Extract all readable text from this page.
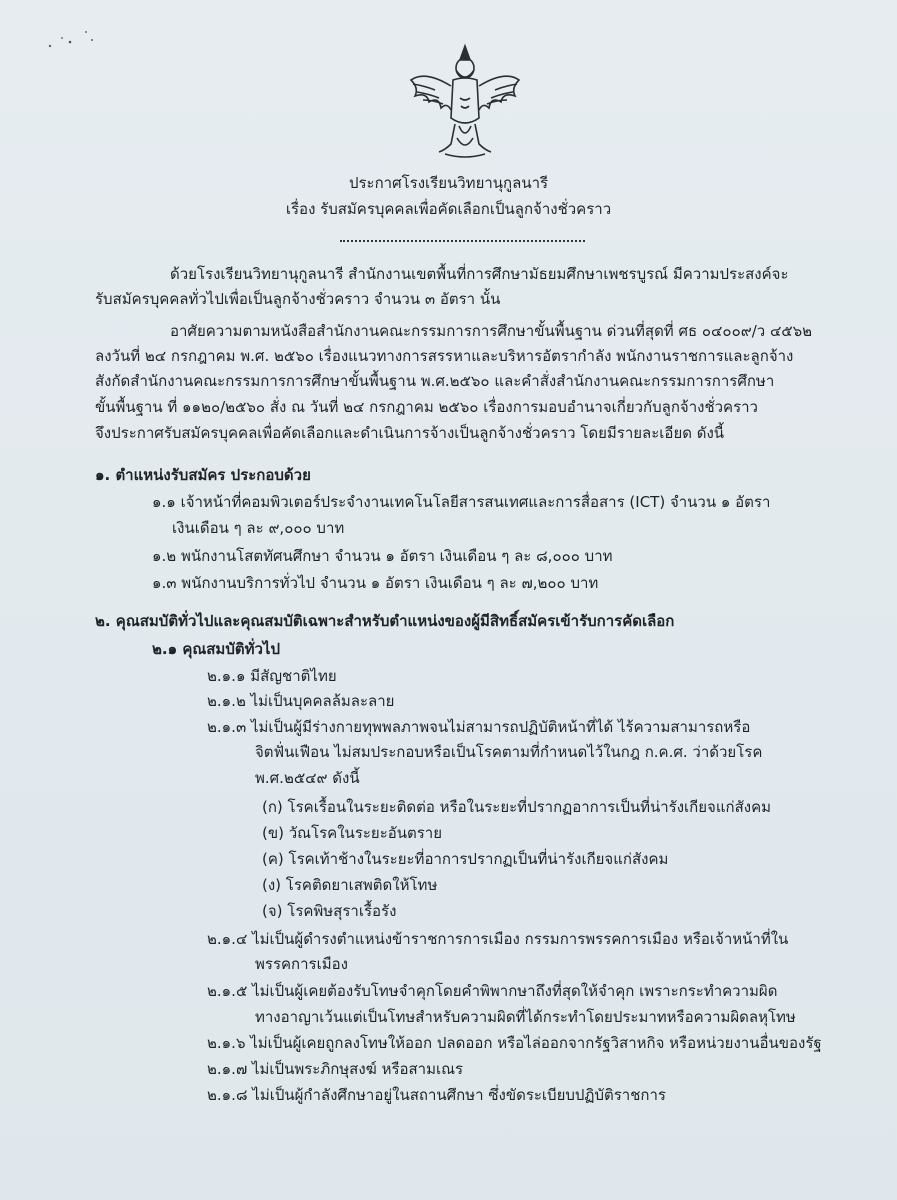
ประกาศโรงเรียนวิทยานุกูลนารี
เรื่อง รับสมัครบุคคลเพื่อคัดเลือกเป็นลูกจ้างชั่วคราว
ด้วยโรงเรียนวิทยานุกูลนารี สำนักงานเขตพื้นที่การศึกษามัธยมศึกษาเพชรบูรณ์ มีความประสงค์จะ
รับสมัครบุคคลทั่วไปเพื่อเป็นลูกจ้างชั่วคราว จำนวน ๓ อัตรา นั้น
อาศัยความตามหนังสือสำนักงานคณะกรรมการการศึกษาขั้นพื้นฐาน ด่วนที่สุดที่ ศธ ๐๔๐๐๙/ว ๔๕๖๒
ลงวันที่ ๒๔ กรกฎาคม พ.ศ. ๒๕๖๐ เรื่องแนวทางการสรรหาและบริหารอัตรากำลัง พนักงานราชการและลูกจ้าง
สังกัดสำนักงานคณะกรรมการการศึกษาขั้นพื้นฐาน พ.ศ.๒๕๖๐ และคำสั่งสำนักงานคณะกรรมการการศึกษา
ขั้นพื้นฐาน ที่ ๑๑๒๐/๒๕๖๐ สั่ง ณ วันที่ ๒๔ กรกฎาคม ๒๕๖๐ เรื่องการมอบอำนาจเกี่ยวกับลูกจ้างชั่วคราว
จึงประกาศรับสมัครบุคคลเพื่อคัดเลือกและดำเนินการจ้างเป็นลูกจ้างชั่วคราว โดยมีรายละเอียด ดังนี้
๑. ตำแหน่งรับสมัคร ประกอบด้วย
๑.๑ เจ้าหน้าที่คอมพิวเตอร์ประจำงานเทคโนโลยีสารสนเทศและการสื่อสาร (ICT) จำนวน ๑ อัตรา
เงินเดือน ๆ ละ ๙,๐๐๐ บาท
๑.๒ พนักงานโสตทัศนศึกษา จำนวน ๑ อัตรา เงินเดือน ๆ ละ ๘,๐๐๐ บาท
๑.๓ พนักงานบริการทั่วไป จำนวน ๑ อัตรา เงินเดือน ๆ ละ ๗,๒๐๐ บาท
๒. คุณสมบัติทั่วไปและคุณสมบัติเฉพาะสำหรับตำแหน่งของผู้มีสิทธิ์สมัครเข้ารับการคัดเลือก
๒.๑ คุณสมบัติทั่วไป
๒.๑.๑ มีสัญชาติไทย
๒.๑.๒ ไม่เป็นบุคคลล้มละลาย
๒.๑.๓ ไม่เป็นผู้มีร่างกายทุพพลภาพจนไม่สามารถปฏิบัติหน้าที่ได้ ไร้ความสามารถหรือ
จิตฟั่นเฟือน ไม่สมประกอบหรือเป็นโรคตามที่กำหนดไว้ในกฎ ก.ค.ศ. ว่าด้วยโรค
พ.ศ.๒๕๔๙ ดังนี้
(ก) โรคเรื้อนในระยะติดต่อ หรือในระยะที่ปรากฏอาการเป็นที่น่ารังเกียจแก่สังคม
(ข) วัณโรคในระยะอันตราย
(ค) โรคเท้าช้างในระยะที่อาการปรากฏเป็นที่น่ารังเกียจแก่สังคม
(ง) โรคติดยาเสพติดให้โทษ
(จ) โรคพิษสุราเรื้อรัง
๒.๑.๔ ไม่เป็นผู้ดำรงตำแหน่งข้าราชการการเมือง กรรมการพรรคการเมือง หรือเจ้าหน้าที่ใน
พรรคการเมือง
๒.๑.๕ ไม่เป็นผู้เคยต้องรับโทษจำคุกโดยคำพิพากษาถึงที่สุดให้จำคุก เพราะกระทำความผิด
ทางอาญาเว้นแต่เป็นโทษสำหรับความผิดที่ได้กระทำโดยประมาทหรือความผิดลหุโทษ
๒.๑.๖ ไม่เป็นผู้เคยถูกลงโทษให้ออก ปลดออก หรือไล่ออกจากรัฐวิสาหกิจ หรือหน่วยงานอื่นของรัฐ
๒.๑.๗ ไม่เป็นพระภิกษุสงฆ์ หรือสามเณร
๒.๑.๘ ไม่เป็นผู้กำลังศึกษาอยู่ในสถานศึกษา ซึ่งขัดระเบียบปฏิบัติราชการ
